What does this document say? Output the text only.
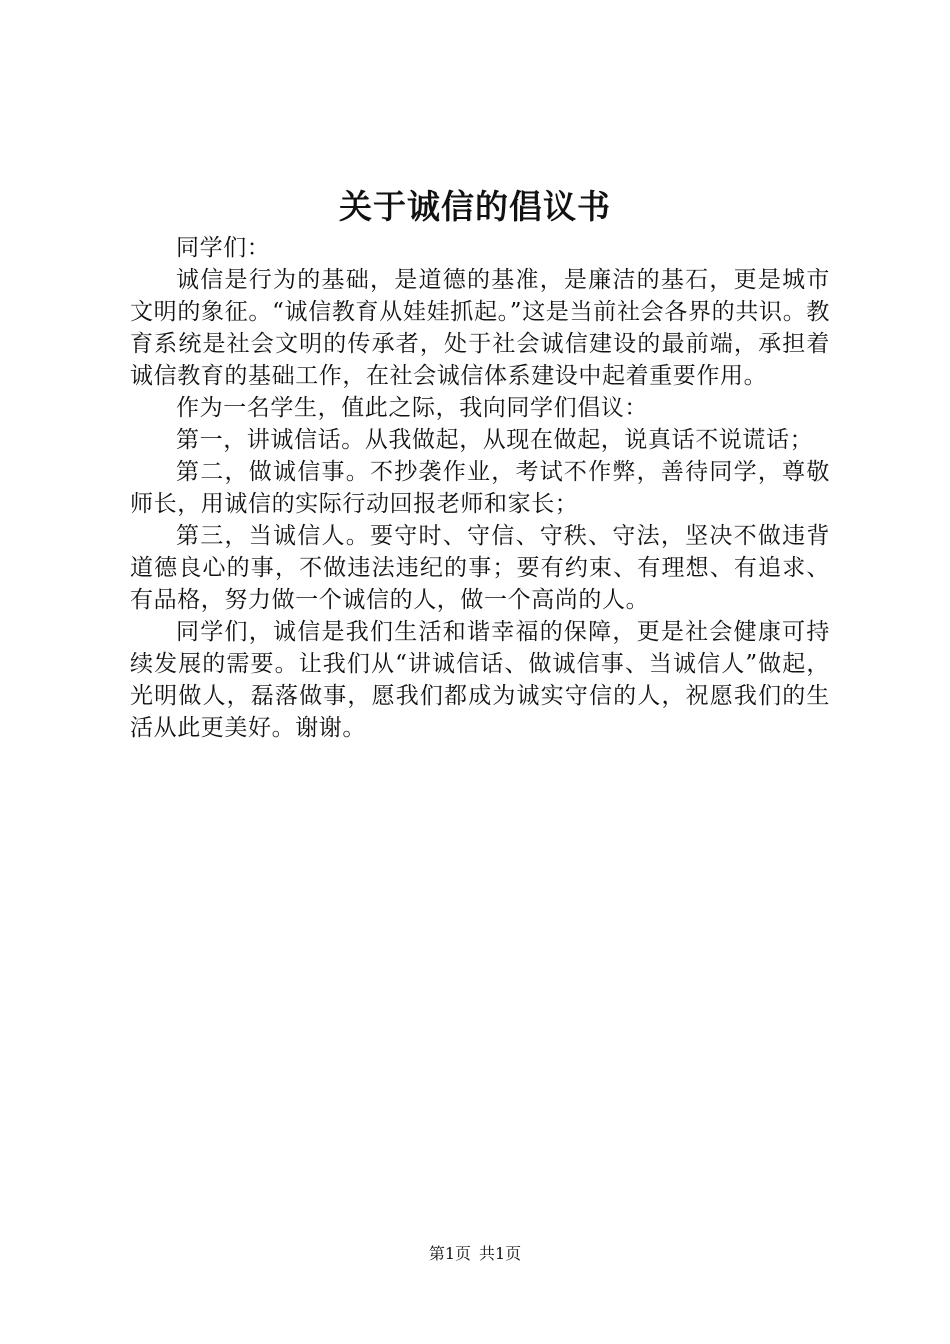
关于诚信的倡议书

同学们：

诚信是行为的基础，是道德的基准，是廉洁的基石，更是城市文明的象征。“诚信教育从娃娃抓起。”这是当前社会各界的共识。教育系统是社会文明的传承者，处于社会诚信建设的最前端，承担着诚信教育的基础工作，在社会诚信体系建设中起着重要作用。

作为一名学生，值此之际，我向同学们倡议：

第一，讲诚信话。从我做起，从现在做起，说真话不说谎话；

第二，做诚信事。不抄袭作业，考试不作弊，善待同学，尊敬师长，用诚信的实际行动回报老师和家长；

第三，当诚信人。要守时、守信、守秩、守法，坚决不做违背道德良心的事，不做违法违纪的事；要有约束、有理想、有追求、有品格，努力做一个诚信的人，做一个高尚的人。

同学们，诚信是我们生活和谐幸福的保障，更是社会健康可持续发展的需要。让我们从“讲诚信话、做诚信事、当诚信人”做起，光明做人，磊落做事，愿我们都成为诚实守信的人，祝愿我们的生活从此更美好。谢谢。

第1页 共1页
